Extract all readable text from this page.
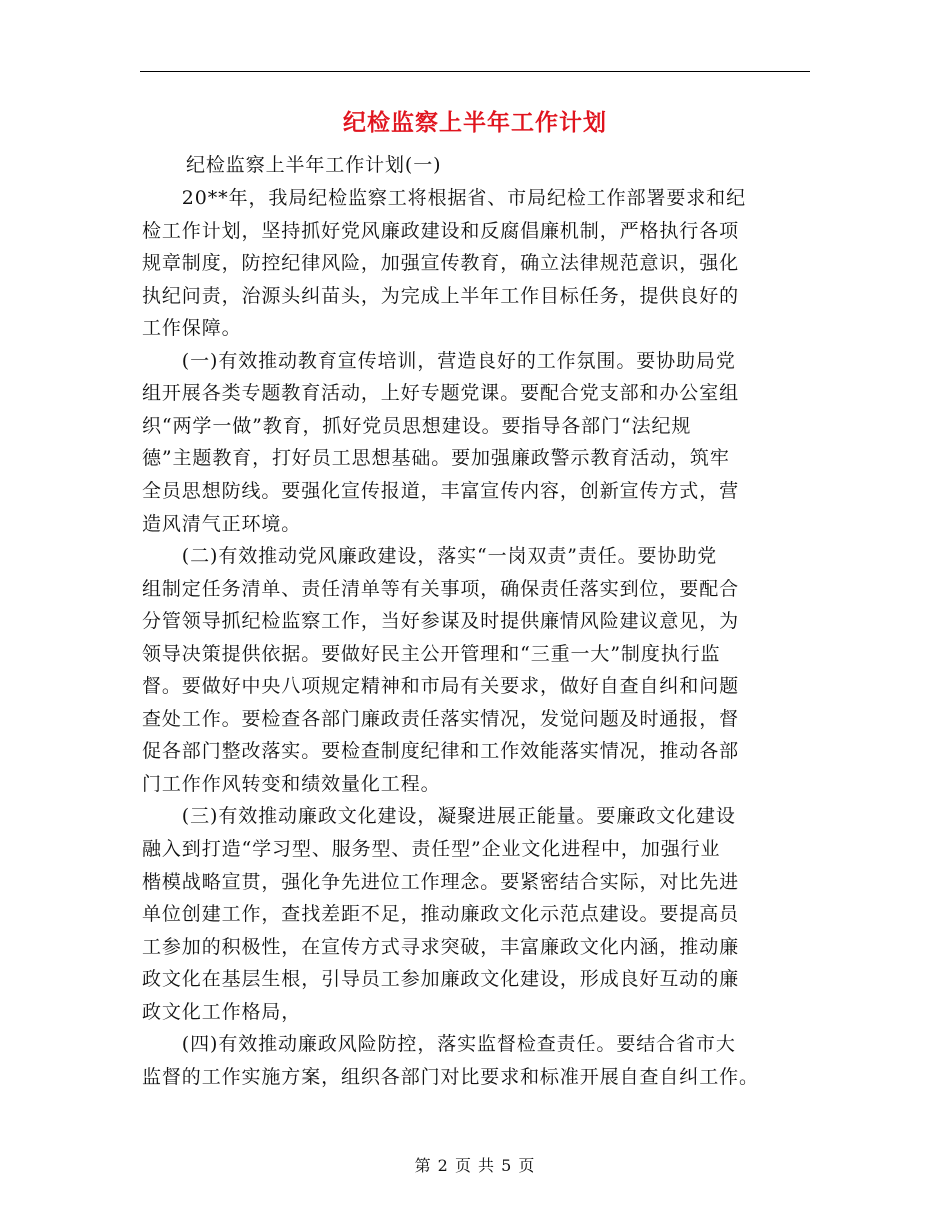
纪检监察上半年工作计划
纪检监察上半年工作计划(一)
　　20**年，我局纪检监察工将根据省、市局纪检工作部署要求和纪
检工作计划，坚持抓好党风廉政建设和反腐倡廉机制，严格执行各项
规章制度，防控纪律风险，加强宣传教育，确立法律规范意识，强化
执纪问责，治源头纠苗头，为完成上半年工作目标任务，提供良好的
工作保障。
　　(一)有效推动教育宣传培训，营造良好的工作氛围。要协助局党
组开展各类专题教育活动，上好专题党课。要配合党支部和办公室组
织“两学一做”教育，抓好党员思想建设。要指导各部门“法纪规
德”主题教育，打好员工思想基础。要加强廉政警示教育活动，筑牢
全员思想防线。要强化宣传报道，丰富宣传内容，创新宣传方式，营
造风清气正环境。
　　(二)有效推动党风廉政建设，落实“一岗双责”责任。要协助党
组制定任务清单、责任清单等有关事项，确保责任落实到位，要配合
分管领导抓纪检监察工作，当好参谋及时提供廉情风险建议意见，为
领导决策提供依据。要做好民主公开管理和“三重一大”制度执行监
督。要做好中央八项规定精神和市局有关要求，做好自查自纠和问题
查处工作。要检查各部门廉政责任落实情况，发觉问题及时通报，督
促各部门整改落实。要检查制度纪律和工作效能落实情况，推动各部
门工作作风转变和绩效量化工程。
　　(三)有效推动廉政文化建设，凝聚进展正能量。要廉政文化建设
融入到打造“学习型、服务型、责任型”企业文化进程中，加强行业
楷模战略宣贯，强化争先进位工作理念。要紧密结合实际，对比先进
单位创建工作，查找差距不足，推动廉政文化示范点建设。要提高员
工参加的积极性，在宣传方式寻求突破，丰富廉政文化内涵，推动廉
政文化在基层生根，引导员工参加廉政文化建设，形成良好互动的廉
政文化工作格局，
　　(四)有效推动廉政风险防控，落实监督检查责任。要结合省市大
监督的工作实施方案，组织各部门对比要求和标准开展自查自纠工作。
第 2 页 共 5 页
